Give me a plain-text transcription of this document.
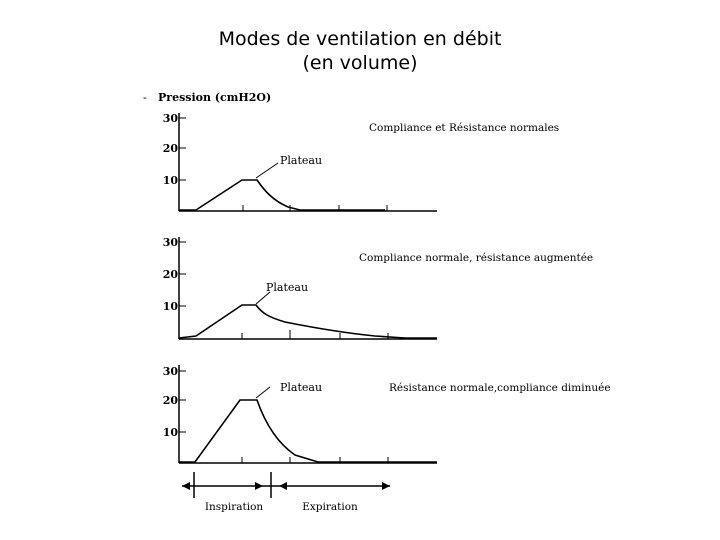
Modes de ventilation en débit
(en volume)
- Pression (cmH2O)
30
20
10
Plateau
Compliance et Résistance normales
30
20
10
Plateau
Compliance normale, résistance augmentée
30
20
10
Plateau	Résistance normale,compliance diminuée
Inspiration	Expiration
